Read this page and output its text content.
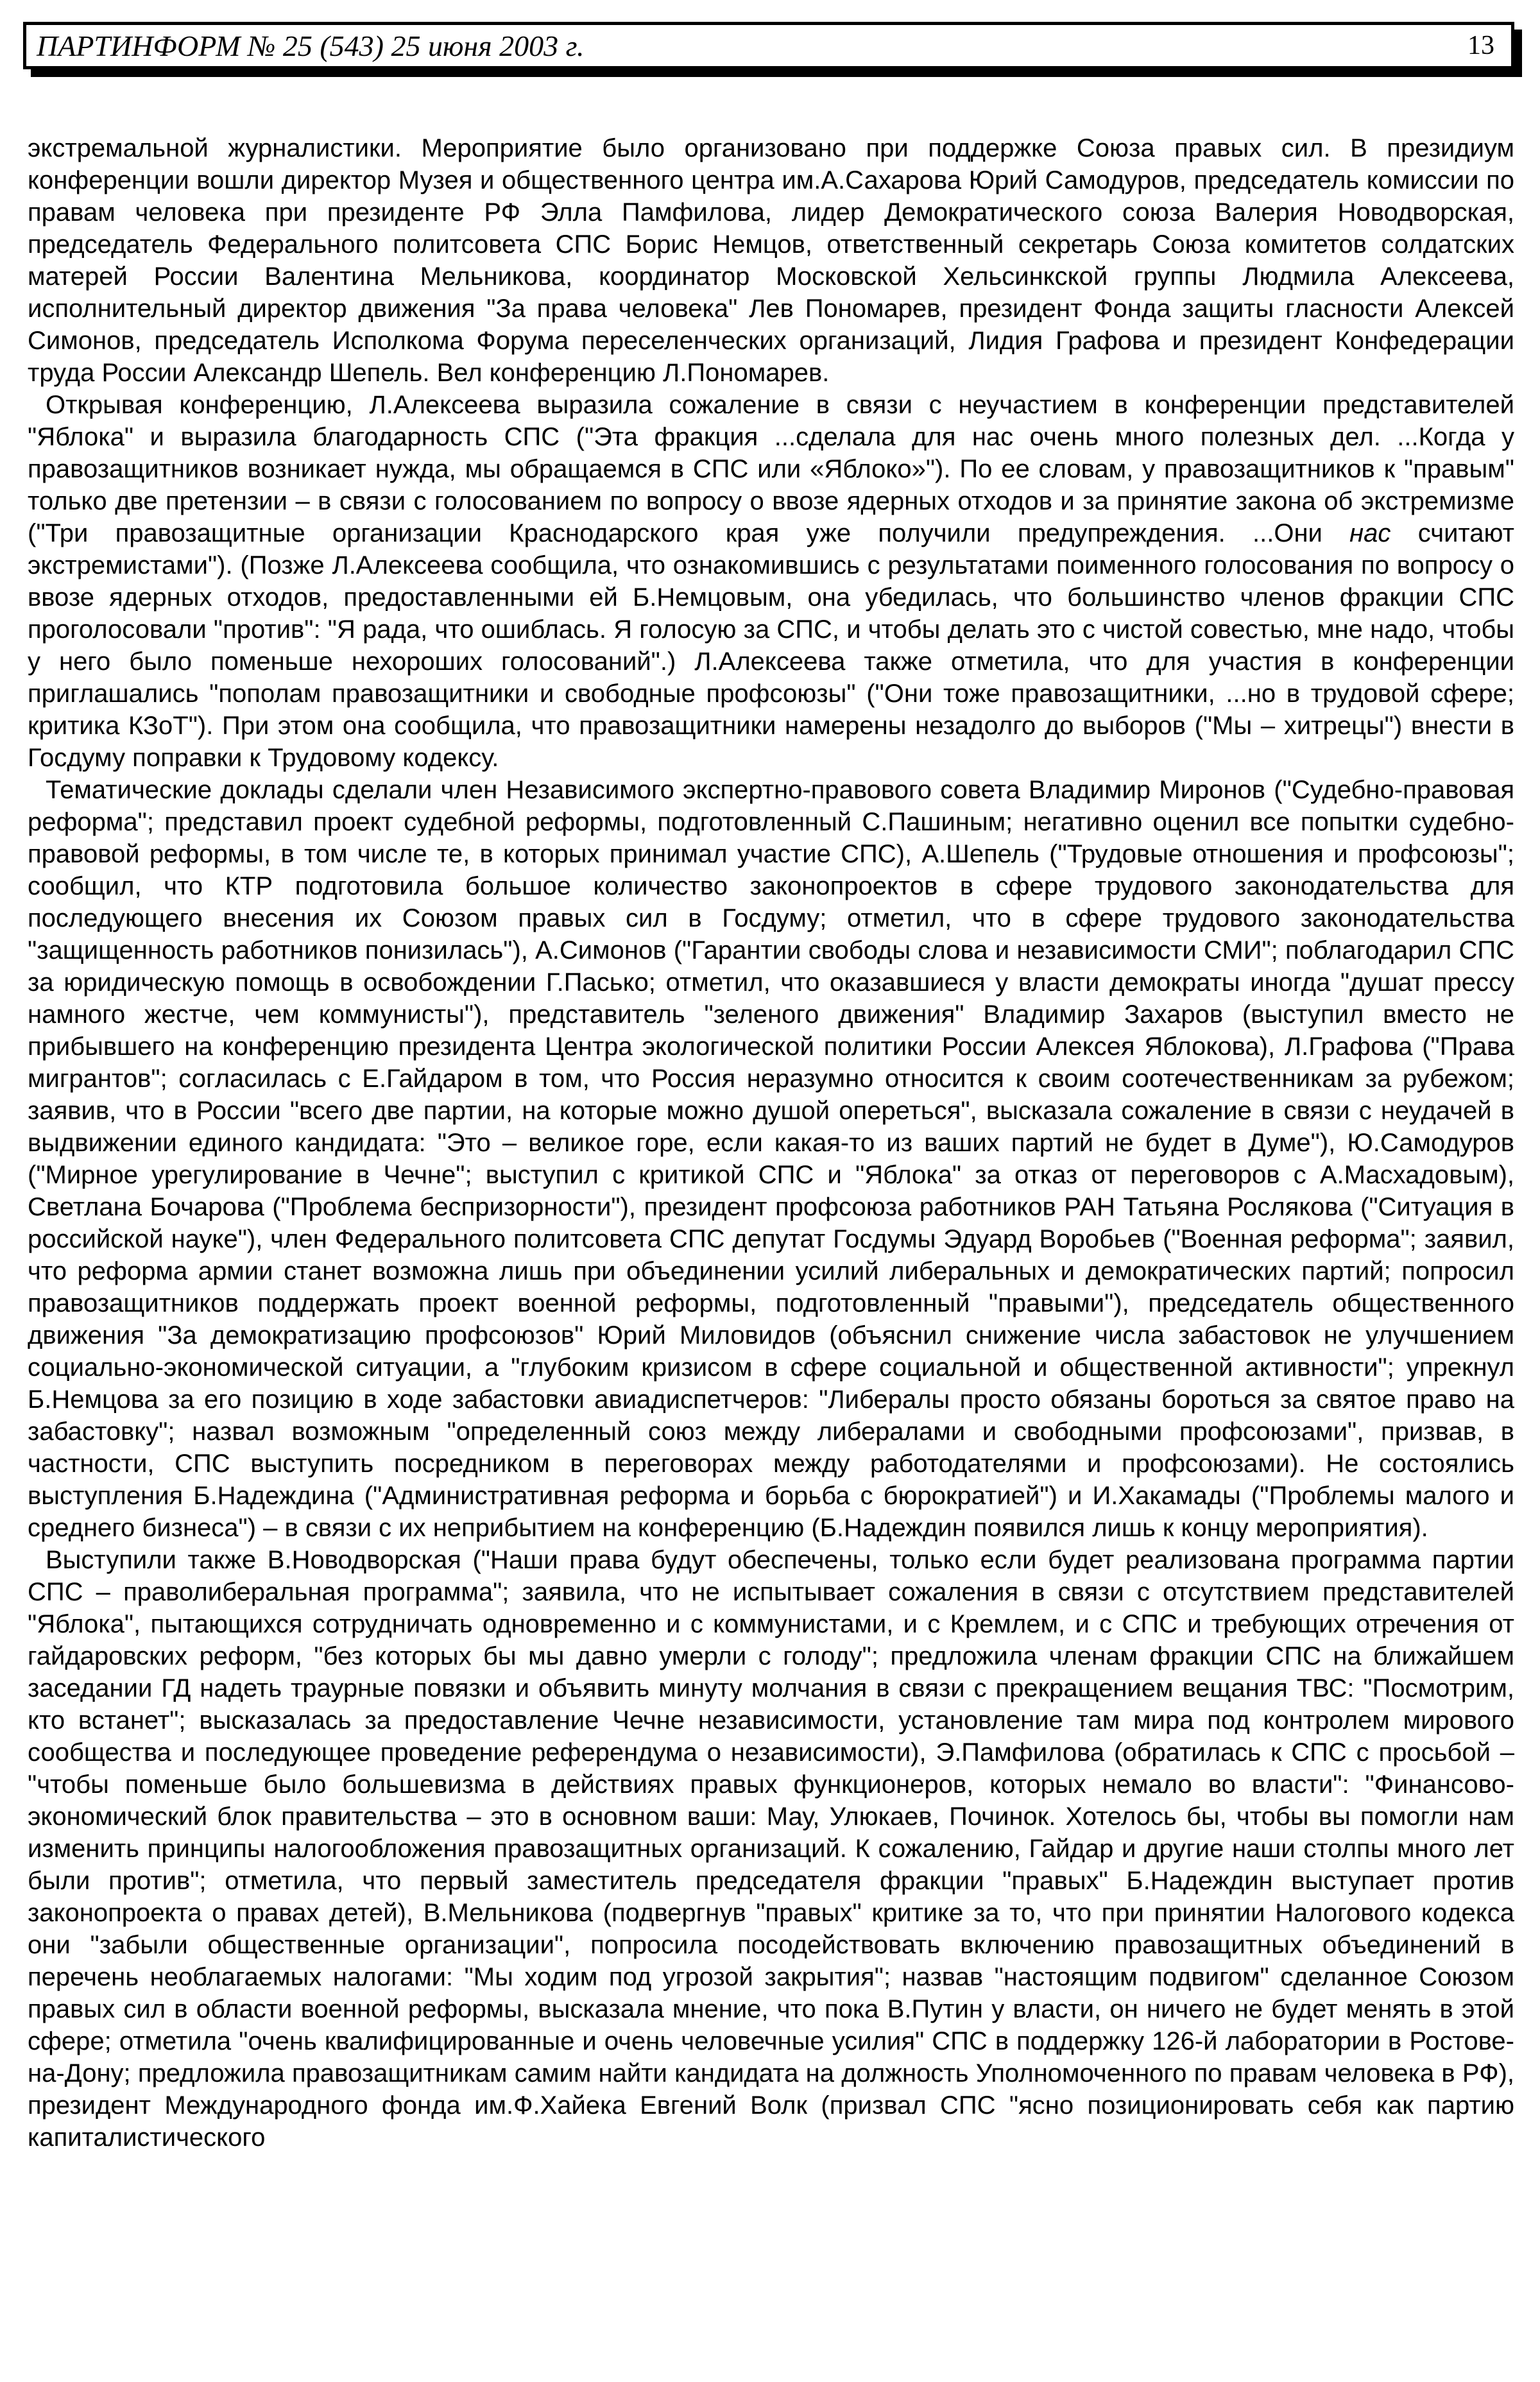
ПАРТИНФОРМ № 25 (543) 25 июня 2003 г.	13

экстремальной журналистики. Мероприятие было организовано при поддержке Союза правых сил. В президиум конференции вошли директор Музея и общественного центра им.А.Сахарова Юрий Самодуров, председатель комиссии по правам человека при президенте РФ Элла Памфилова, лидер Демократического союза Валерия Новодворская, председатель Федерального политсовета СПС Борис Немцов, ответственный секретарь Союза комитетов солдатских матерей России Валентина Мельникова, координатор Московской Хельсинкской группы Людмила Алексеева, исполнительный директор движения "За права человека" Лев Пономарев, президент Фонда защиты гласности Алексей Симонов, председатель Исполкома Форума переселенческих организаций, Лидия Графова и президент Конфедерации труда России Александр Шепель. Вел конференцию Л.Пономарев.

Открывая конференцию, Л.Алексеева выразила сожаление в связи с неучастием в конференции представителей "Яблока" и выразила благодарность СПС ("Эта фракция ...сделала для нас очень много полезных дел. ...Когда у правозащитников возникает нужда, мы обращаемся в СПС или «Яблоко»"). По ее словам, у правозащитников к "правым" только две претензии – в связи с голосованием по вопросу о ввозе ядерных отходов и за принятие закона об экстремизме ("Три правозащитные организации Краснодарского края уже получили предупреждения. ...Они нас считают экстремистами"). (Позже Л.Алексеева сообщила, что ознакомившись с результатами поименного голосования по вопросу о ввозе ядерных отходов, предоставленными ей Б.Немцовым, она убедилась, что большинство членов фракции СПС проголосовали "против": "Я рада, что ошиблась. Я голосую за СПС, и чтобы делать это с чистой совестью, мне надо, чтобы у него было поменьше нехороших голосований".) Л.Алексеева также отметила, что для участия в конференции приглашались "пополам правозащитники и свободные профсоюзы" ("Они тоже правозащитники, ...но в трудовой сфере; критика КЗоТ"). При этом она сообщила, что правозащитники намерены незадолго до выборов ("Мы – хитрецы") внести в Госдуму поправки к Трудовому кодексу.

Тематические доклады сделали член Независимого экспертно-правового совета Владимир Миронов ("Судебно-правовая реформа"; представил проект судебной реформы, подготовленный С.Пашиным; негативно оценил все попытки судебно-правовой реформы, в том числе те, в которых принимал участие СПС), А.Шепель ("Трудовые отношения и профсоюзы"; сообщил, что КТР подготовила большое количество законопроектов в сфере трудового законодательства для последующего внесения их Союзом правых сил в Госдуму; отметил, что в сфере трудового законодательства "защищенность работников понизилась"), А.Симонов ("Гарантии свободы слова и независимости СМИ"; поблагодарил СПС за юридическую помощь в освобождении Г.Пасько; отметил, что оказавшиеся у власти демократы иногда "душат прессу намного жестче, чем коммунисты"), представитель "зеленого движения" Владимир Захаров (выступил вместо не прибывшего на конференцию президента Центра экологической политики России Алексея Яблокова), Л.Графова ("Права мигрантов"; согласилась с Е.Гайдаром в том, что Россия неразумно относится к своим соотечественникам за рубежом; заявив, что в России "всего две партии, на которые можно душой опереться", высказала сожаление в связи с неудачей в выдвижении единого кандидата: "Это – великое горе, если какая-то из ваших партий не будет в Думе"), Ю.Самодуров ("Мирное урегулирование в Чечне"; выступил с критикой СПС и "Яблока" за отказ от переговоров с А.Масхадовым), Светлана Бочарова ("Проблема беспризорности"), президент профсоюза работников РАН Татьяна Рослякова ("Ситуация в российской науке"), член Федерального политсовета СПС депутат Госдумы Эдуард Воробьев ("Военная реформа"; заявил, что реформа армии станет возможна лишь при объединении усилий либеральных и демократических партий; попросил правозащитников поддержать проект военной реформы, подготовленный "правыми"), председатель общественного движения "За демократизацию профсоюзов" Юрий Миловидов (объяснил снижение числа забастовок не улучшением социально-экономической ситуации, а "глубоким кризисом в сфере социальной и общественной активности"; упрекнул Б.Немцова за его позицию в ходе забастовки авиадиспетчеров: "Либералы просто обязаны бороться за святое право на забастовку"; назвал возможным "определенный союз между либералами и свободными профсоюзами", призвав, в частности, СПС выступить посредником в переговорах между работодателями и профсоюзами). Не состоялись выступления Б.Надеждина ("Административная реформа и борьба с бюрократией") и И.Хакамады ("Проблемы малого и среднего бизнеса") – в связи с их неприбытием на конференцию (Б.Надеждин появился лишь к концу мероприятия).

Выступили также В.Новодворская ("Наши права будут обеспечены, только если будет реализована программа партии СПС – праволиберальная программа"; заявила, что не испытывает сожаления в связи с отсутствием представителей "Яблока", пытающихся сотрудничать одновременно и с коммунистами, и с Кремлем, и с СПС и требующих отречения от гайдаровских реформ, "без которых бы мы давно умерли с голоду"; предложила членам фракции СПС на ближайшем заседании ГД надеть траурные повязки и объявить минуту молчания в связи с прекращением вещания ТВС: "Посмотрим, кто встанет"; высказалась за предоставление Чечне независимости, установление там мира под контролем мирового сообщества и последующее проведение референдума о независимости), Э.Памфилова (обратилась к СПС с просьбой – "чтобы поменьше было большевизма в действиях правых функционеров, которых немало во власти": "Финансово-экономический блок правительства – это в основном ваши: Мау, Улюкаев, Починок. Хотелось бы, чтобы вы помогли нам изменить принципы налогообложения правозащитных организаций. К сожалению, Гайдар и другие наши столпы много лет были против"; отметила, что первый заместитель председателя фракции "правых" Б.Надеждин выступает против законопроекта о правах детей), В.Мельникова (подвергнув "правых" критике за то, что при принятии Налогового кодекса они "забыли общественные организации", попросила посодействовать включению правозащитных объединений в перечень необлагаемых налогами: "Мы ходим под угрозой закрытия"; назвав "настоящим подвигом" сделанное Союзом правых сил в области военной реформы, высказала мнение, что пока В.Путин у власти, он ничего не будет менять в этой сфере; отметила "очень квалифицированные и очень человечные усилия" СПС в поддержку 126-й лаборатории в Ростове-на-Дону; предложила правозащитникам самим найти кандидата на должность Уполномоченного по правам человека в РФ), президент Международного фонда им.Ф.Хайека Евгений Волк (призвал СПС "ясно позиционировать себя как партию капиталистического
